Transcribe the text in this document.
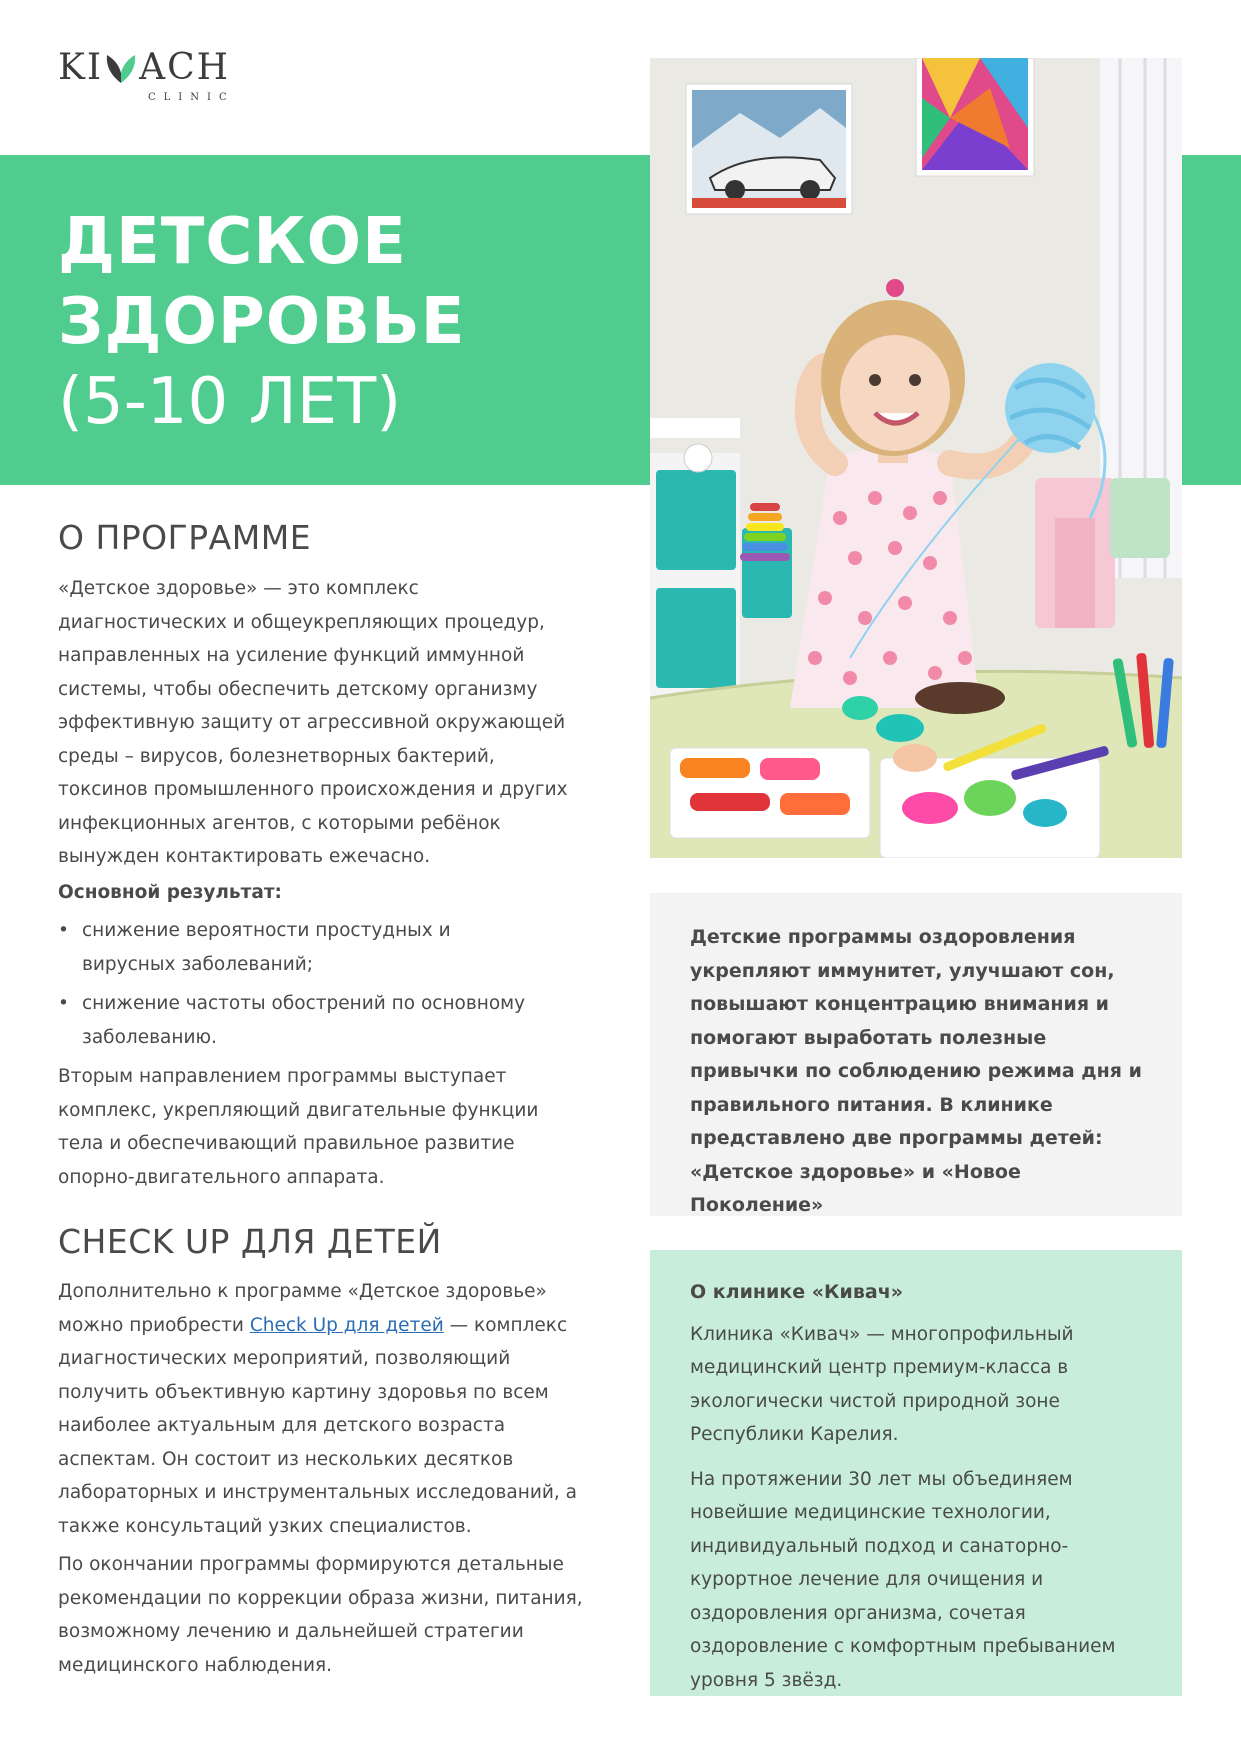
KI ACH
CLINIC
ДЕТСКОЕ
ЗДОРОВЬЕ
(5-10 ЛЕТ)
О ПРОГРАММЕ

«Детское здоровье» — это комплекс диагностических и общеукрепляющих процедур, направленных на усиление функций иммунной системы, чтобы обеспечить детскому организму эффективную защиту от агрессивной окружающей среды – вирусов, болезнетворных бактерий, токсинов промышленного происхождения и других инфекционных агентов, с которыми ребёнок вынужден контактировать ежечасно.

Основной результат:

• снижение вероятности простудных и вирусных заболеваний;
• снижение частоты обострений по основному заболеванию.

Вторым направлением программы выступает комплекс, укрепляющий двигательные функции тела и обеспечивающий правильное развитие опорно-двигательного аппарата.

CHECK UP ДЛЯ ДЕТЕЙ

Дополнительно к программе «Детское здоровье» можно приобрести Check Up для детей — комплекс диагностических мероприятий, позволяющий получить объективную картину здоровья по всем наиболее актуальным для детского возраста аспектам. Он состоит из нескольких десятков лабораторных и инструментальных исследований, а также консультаций узких специалистов.

По окончании программы формируются детальные рекомендации по коррекции образа жизни, питания, возможному лечению и дальнейшей стратегии медицинского наблюдения.

Детские программы оздоровления укрепляют иммунитет, улучшают сон, повышают концентрацию внимания и помогают выработать полезные привычки по соблюдению режима дня и правильного питания. В клинике представлено две программы детей: «Детское здоровье» и «Новое Поколение»

О клинике «Кивач»

Клиника «Кивач» — многопрофильный медицинский центр премиум-класса в экологически чистой природной зоне Республики Карелия.

На протяжении 30 лет мы объединяем новейшие медицинские технологии, индивидуальный подход и санаторно-курортное лечение для очищения и оздоровления организма, сочетая оздоровление с комфортным пребыванием уровня 5 звёзд.
